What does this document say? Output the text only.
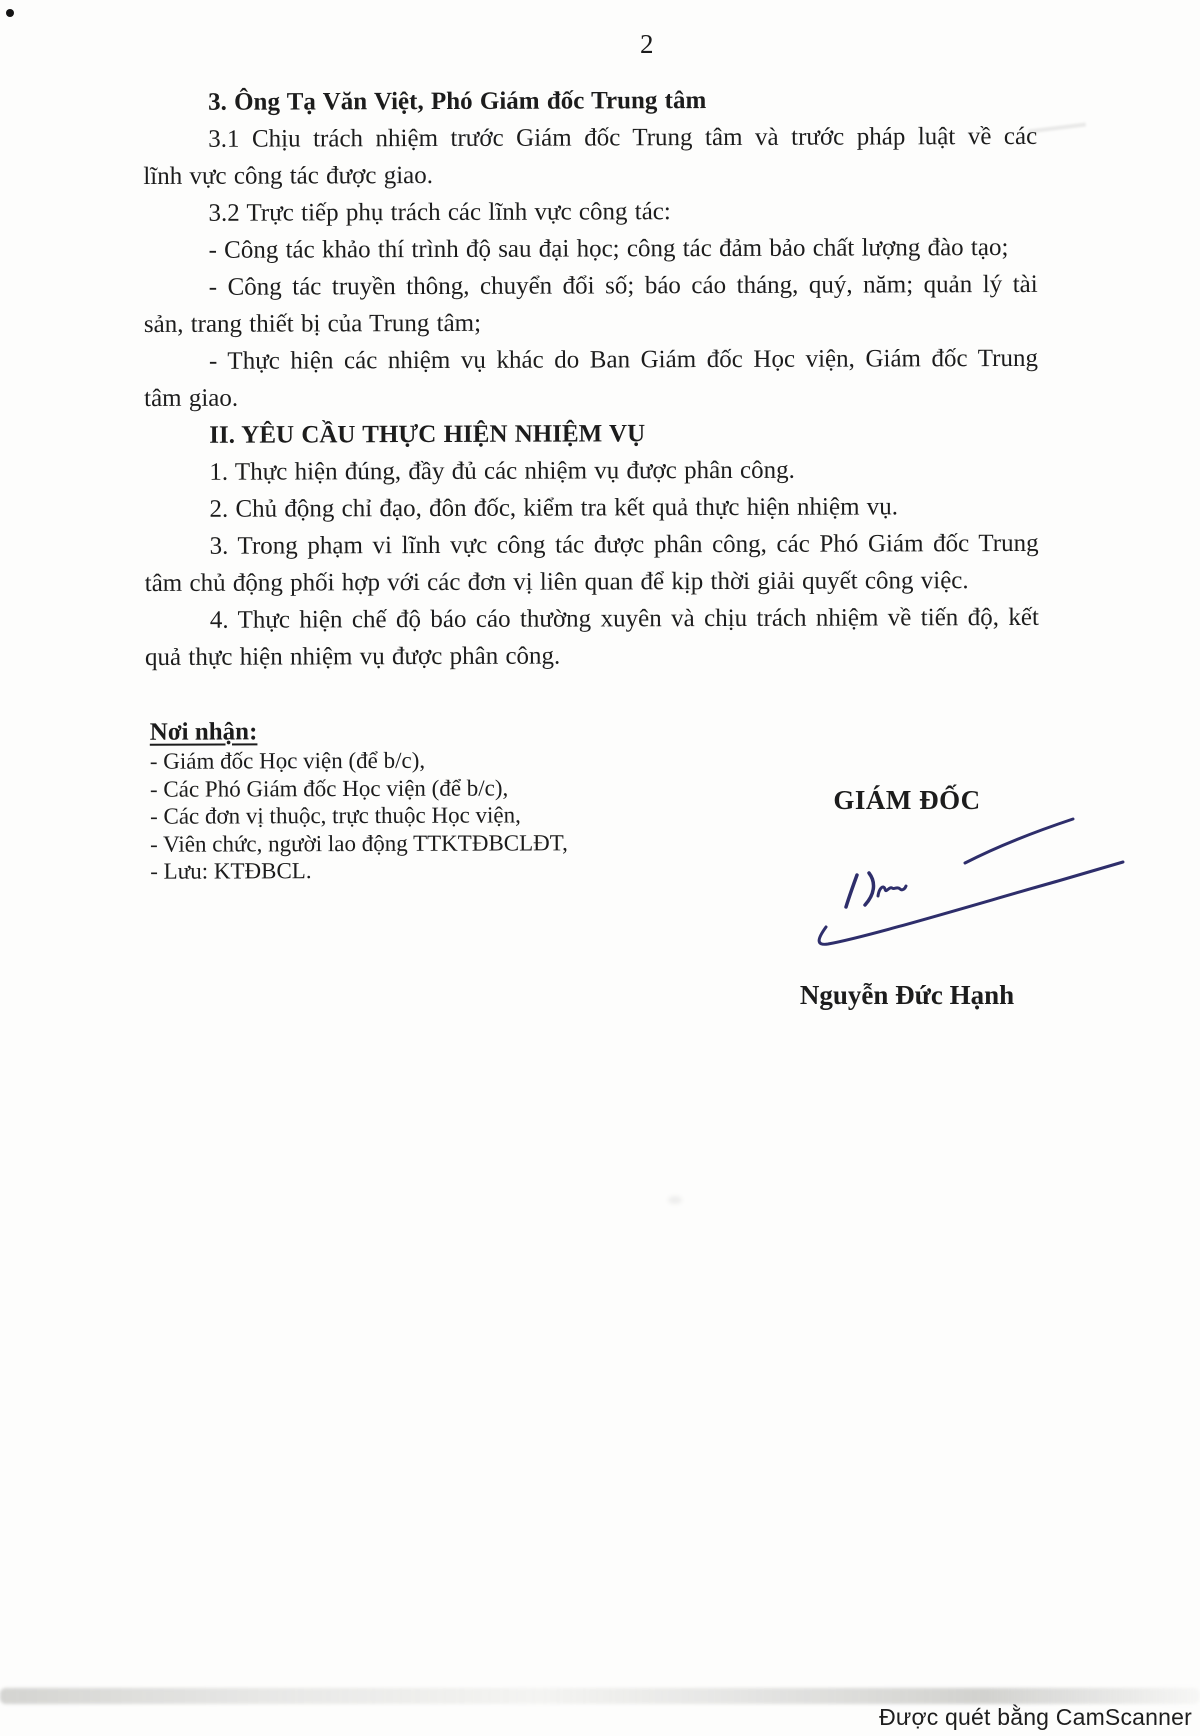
2
3. Ông Tạ Văn Việt, Phó Giám đốc Trung tâm
3.1 Chịu trách nhiệm trước Giám đốc Trung tâm và trước pháp luật về các
lĩnh vực công tác được giao.
3.2 Trực tiếp phụ trách các lĩnh vực công tác:
- Công tác khảo thí trình độ sau đại học; công tác đảm bảo chất lượng đào tạo;
- Công tác truyền thông, chuyển đổi số; báo cáo tháng, quý, năm; quản lý tài
sản, trang thiết bị của Trung tâm;
- Thực hiện các nhiệm vụ khác do Ban Giám đốc Học viện, Giám đốc Trung
tâm giao.
II. YÊU CẦU THỰC HIỆN NHIỆM VỤ
1. Thực hiện đúng, đầy đủ các nhiệm vụ được phân công.
2. Chủ động chỉ đạo, đôn đốc, kiểm tra kết quả thực hiện nhiệm vụ.
3. Trong phạm vi lĩnh vực công tác được phân công, các Phó Giám đốc Trung
tâm chủ động phối hợp với các đơn vị liên quan để kịp thời giải quyết công việc.
4. Thực hiện chế độ báo cáo thường xuyên và chịu trách nhiệm về tiến độ, kết
quả thực hiện nhiệm vụ được phân công.
Nơi nhận:
- Giám đốc Học viện (để b/c),
- Các Phó Giám đốc Học viện (để b/c),
- Các đơn vị thuộc, trực thuộc Học viện,
- Viên chức, người lao động TTKTĐBCLĐT,
- Lưu: KTĐBCL.
GIÁM ĐỐC
Nguyễn Đức Hạnh
Được quét bằng CamScanner
